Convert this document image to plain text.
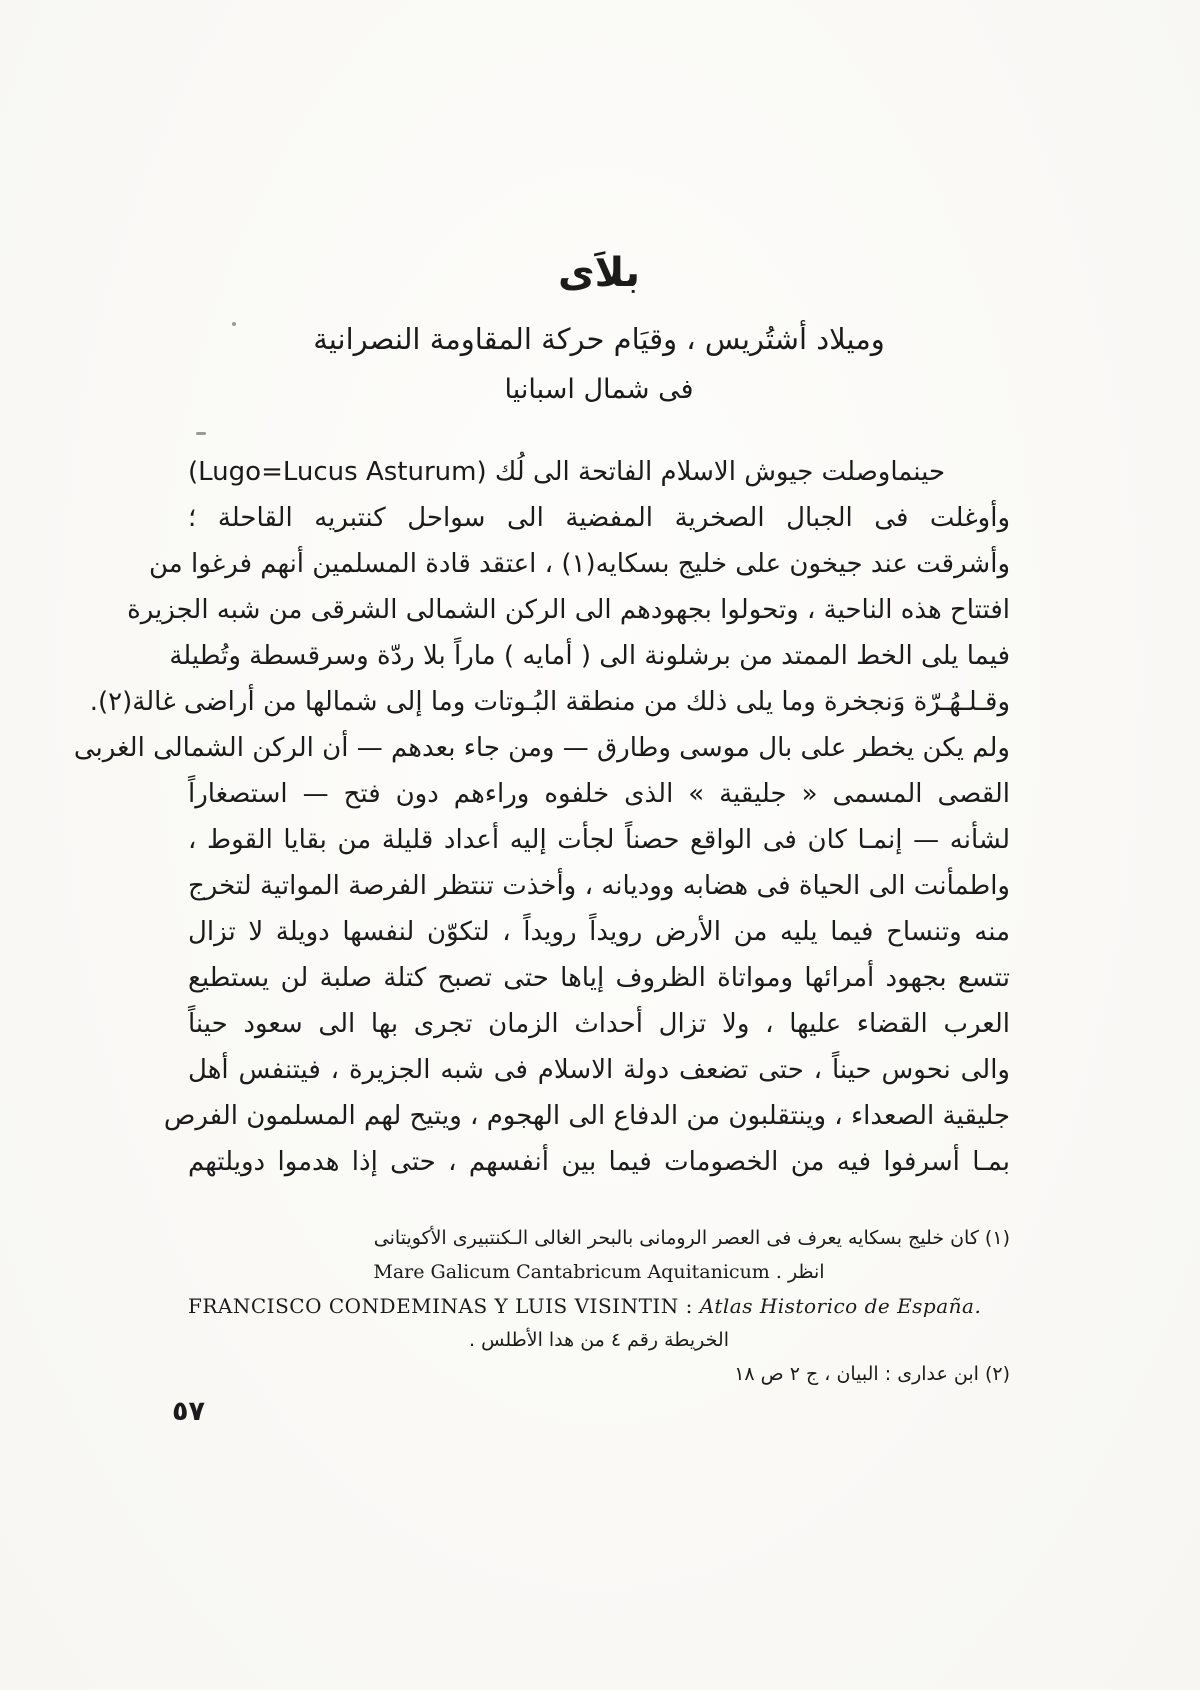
بلاَى

وميلاد أشتُريس ، وقيَام حركة المقاومة النصرانية

فى شمال اسبانيا

حينماوصلت جيوش الاسلام الفاتحة الى لُك (Lugo=Lucus Asturum)

وأوغلت فى الجبال الصخرية المفضية الى سواحل كنتبريه القاحلة ؛

وأشرقت عند جيخون على خليج بسكايه(١) ، اعتقد قادة المسلمين أنهم فرغوا من

افتتاح هذه الناحية ، وتحولوا بجهودهم الى الركن الشمالى الشرقى من شبه الجزيرة

فيما يلى الخط الممتد من برشلونة الى ( أمايه ) ماراً بلا ردّة وسرقسطة وتُطيلة

وقـلـهُـرّة وَنجخرة وما يلى ذلك من منطقة البُـوتات وما إلى شمالها من أراضى غالة(٢).

ولم يكن يخطر على بال موسى وطارق — ومن جاء بعدهم — أن الركن الشمالى الغربى

القصى المسمى « جليقية » الذى خلفوه وراءهم دون فتح — استصغاراً

لشأنه — إنمـا كان فى الواقع حصناً لجأت إليه أعداد قليلة من بقايا القوط ،

واطمأنت الى الحياة فى هضابه ووديانه ، وأخذت تنتظر الفرصة المواتية لتخرج

منه وتنساح فيما يليه من الأرض رويداً رويداً ، لتكوّن لنفسها دويلة لا تزال

تتسع بجهود أمرائها ومواتاة الظروف إياها حتى تصبح كتلة صلبة لن يستطيع

العرب القضاء عليها ، ولا تزال أحداث الزمان تجرى بها الى سعود حيناً

والى نحوس حيناً ، حتى تضعف دولة الاسلام فى شبه الجزيرة ، فيتنفس أهل

جليقية الصعداء ، وينتقلبون من الدفاع الى الهجوم ، ويتيح لهم المسلمون الفرص

بمـا أسرفوا فيه من الخصومات فيما بين أنفسهم ، حتى إذا هدموا دويلتهم

(١) كان خليج بسكايه يعرف فى العصر الرومانى بالبحر الغالى الـكنتبيرى الأكويتانى

انظر . Mare Galicum Cantabricum Aquitanicum

FRANCISCO CONDEMINAS Y LUIS VISINTIN : Atlas Historico de España.

الخريطة رقم ٤ من هدا الأطلس .

(٢) ابن عدارى : البيان ، ج ٢ ص ١٨

٥٧
